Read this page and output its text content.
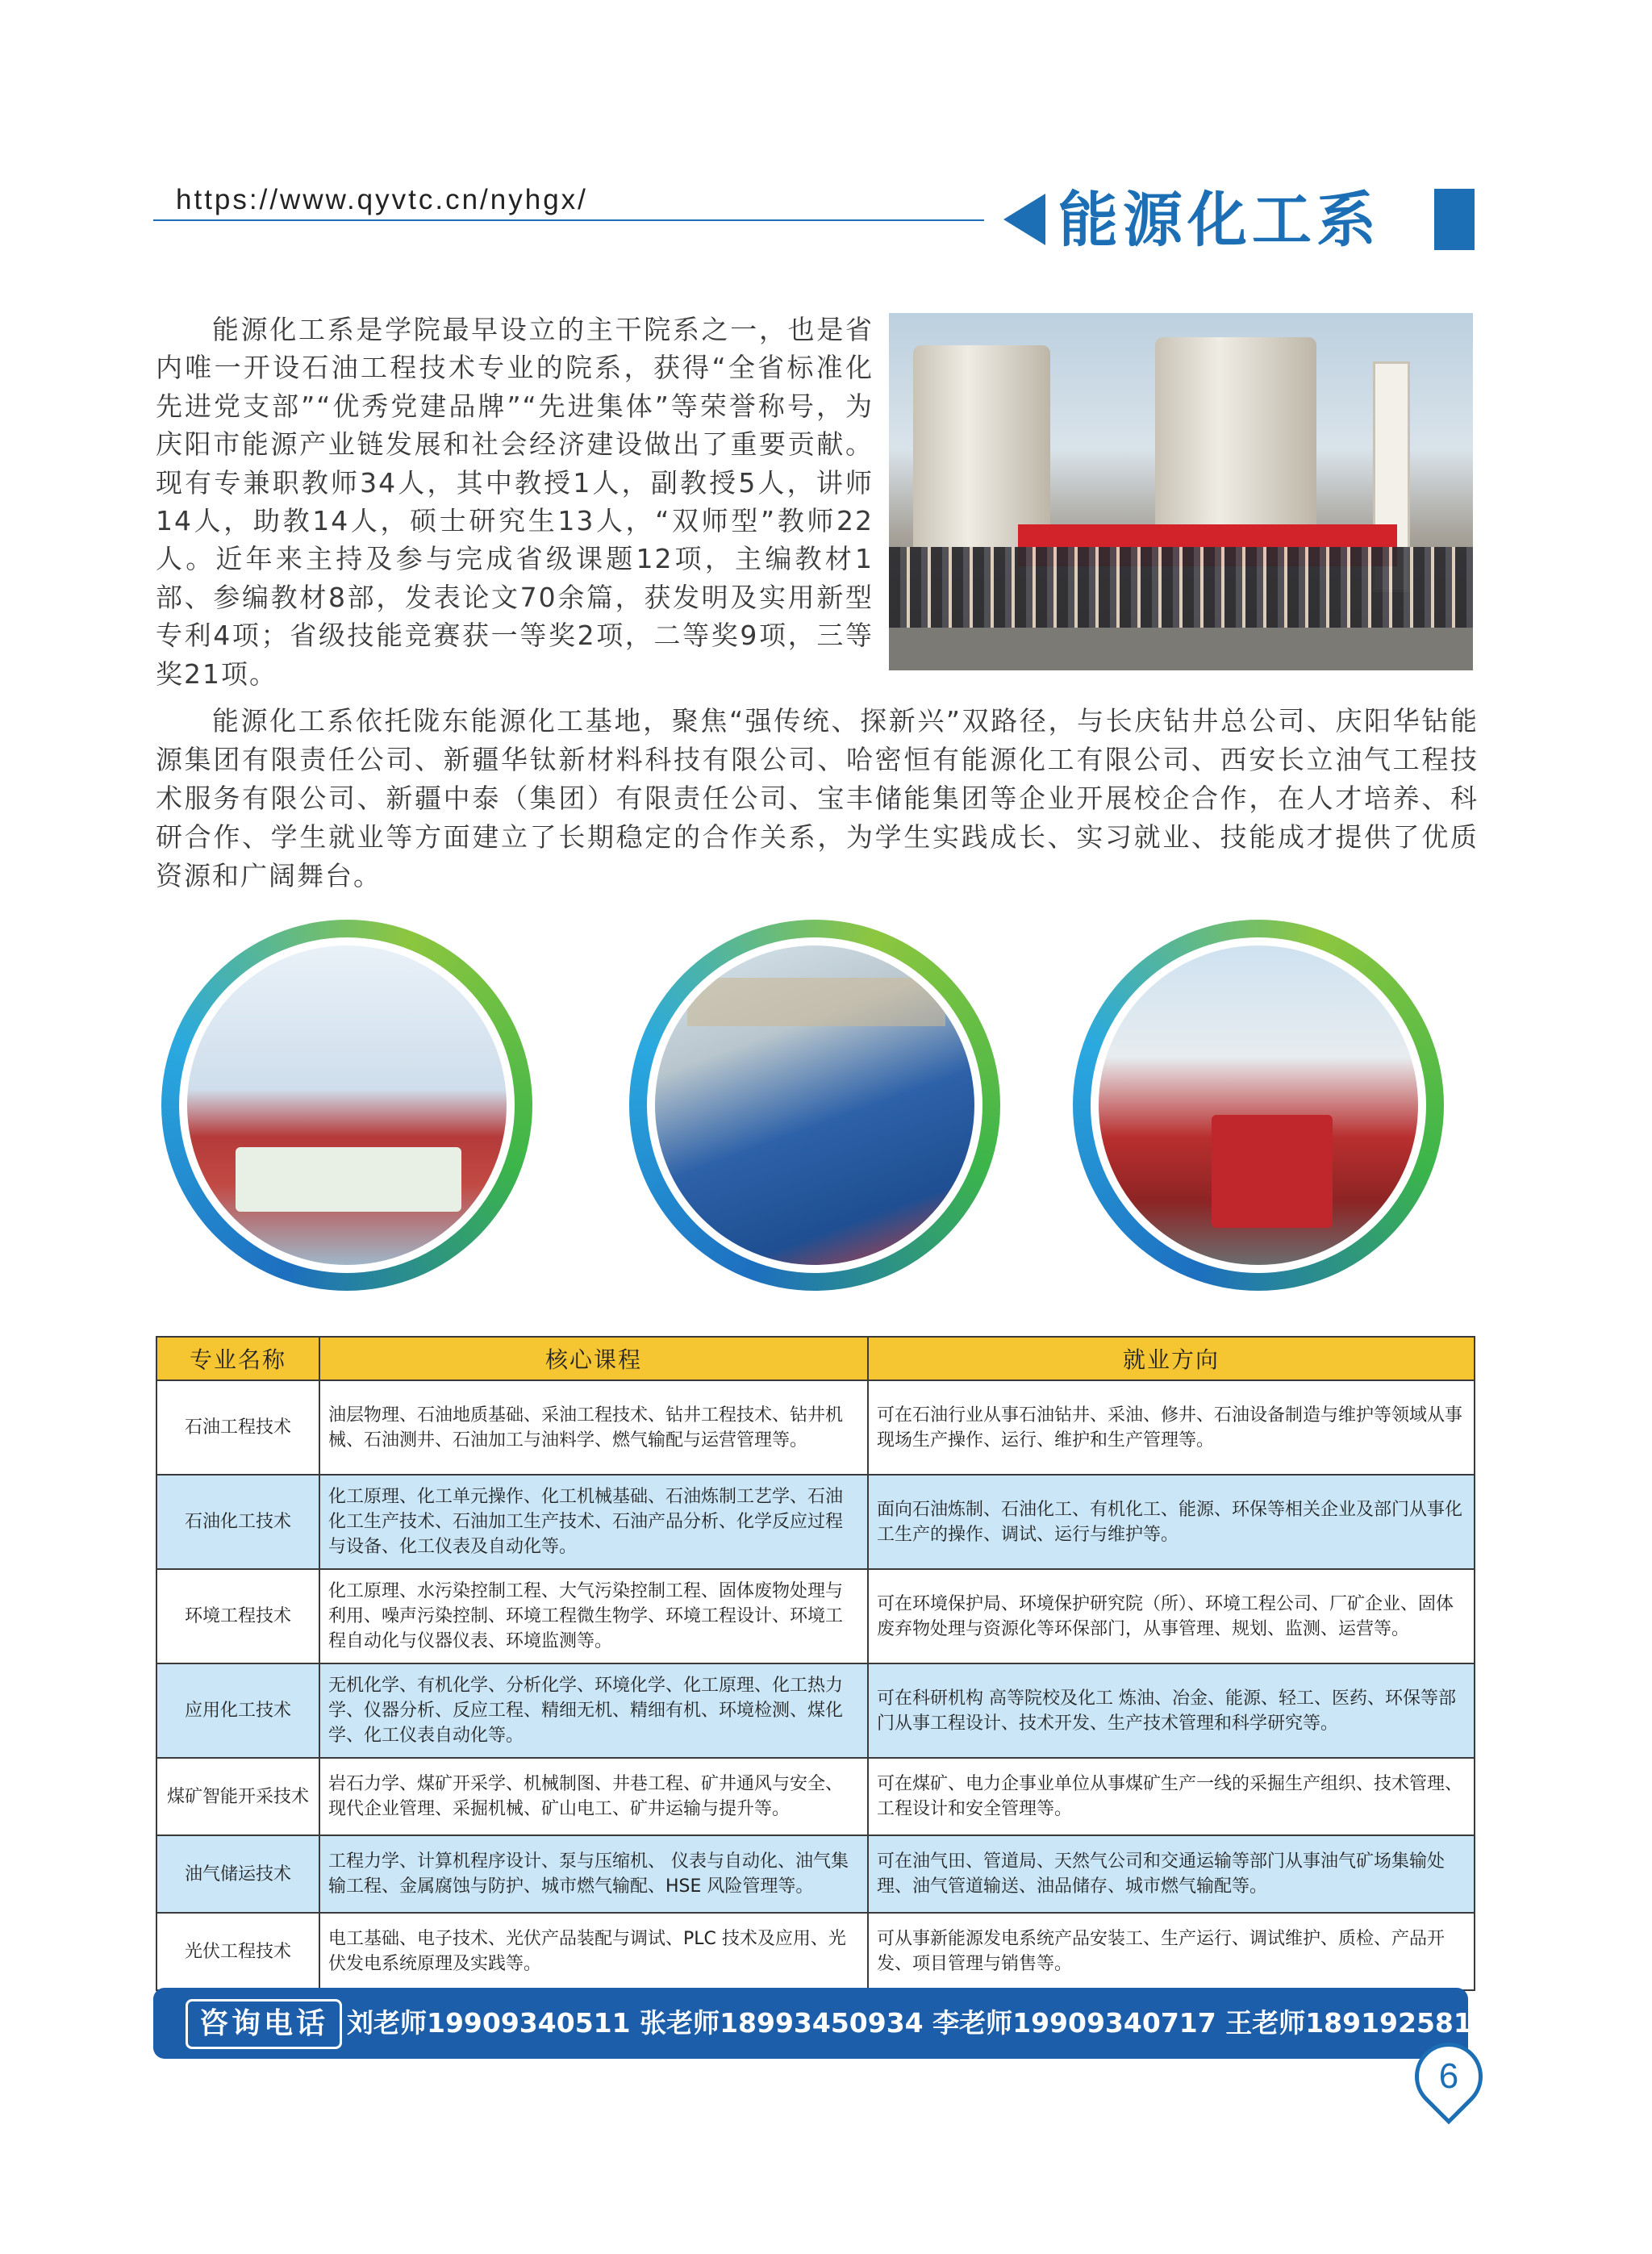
https://www.qyvtc.cn/nyhgx/	能源化工系

能源化工系是学院最早设立的主干院系之一，也是省内唯一开设石油工程技术专业的院系，获得“全省标准化先进党支部”“优秀党建品牌”“先进集体”等荣誉称号，为庆阳市能源产业链发展和社会经济建设做出了重要贡献。现有专兼职教师34人，其中教授1人，副教授5人，讲师14人，助教14人，硕士研究生13人，“双师型”教师22人。近年来主持及参与完成省级课题12项，主编教材1部、参编教材8部，发表论文70余篇，获发明及实用新型专利4项；省级技能竞赛获一等奖2项，二等奖9项，三等奖21项。

能源化工系依托陇东能源化工基地，聚焦“强传统、探新兴”双路径，与长庆钻井总公司、庆阳华钻能源集团有限责任公司、新疆华钛新材料科技有限公司、哈密恒有能源化工有限公司、西安长立油气工程技术服务有限公司、新疆中泰（集团）有限责任公司、宝丰储能集团等企业开展校企合作，在人才培养、科研合作、学生就业等方面建立了长期稳定的合作关系，为学生实践成长、实习就业、技能成才提供了优质资源和广阔舞台。

专业名称	核心课程	就业方向
石油工程技术	油层物理、石油地质基础、采油工程技术、钻井工程技术、钻井机械、石油测井、石油加工与油料学、燃气输配与运营管理等。	可在石油行业从事石油钻井、采油、修井、石油设备制造与维护等领域从事现场生产操作、运行、维护和生产管理等。
石油化工技术	化工原理、化工单元操作、化工机械基础、石油炼制工艺学、石油化工生产技术、石油加工生产技术、石油产品分析、化学反应过程与设备、化工仪表及自动化等。	面向石油炼制、石油化工、有机化工、能源、环保等相关企业及部门从事化工生产的操作、调试、运行与维护等。
环境工程技术	化工原理、水污染控制工程、大气污染控制工程、固体废物处理与利用、噪声污染控制、环境工程微生物学、环境工程设计、环境工程自动化与仪器仪表、环境监测等。	可在环境保护局、环境保护研究院（所）、环境工程公司、厂矿企业、固体废弃物处理与资源化等环保部门，从事管理、规划、监测、运营等。
应用化工技术	无机化学、有机化学、分析化学、环境化学、化工原理、化工热力学、仪器分析、反应工程、精细无机、精细有机、环境检测、煤化学、化工仪表自动化等。	可在科研机构 高等院校及化工 炼油、冶金、能源、轻工、医药、环保等部门从事工程设计、技术开发、生产技术管理和科学研究等。
煤矿智能开采技术	岩石力学、煤矿开采学、机械制图、井巷工程、矿井通风与安全、现代企业管理、采掘机械、矿山电工、矿井运输与提升等。	可在煤矿、电力企事业单位从事煤矿生产一线的采掘生产组织、技术管理、工程设计和安全管理等。
油气储运技术	工程力学、计算机程序设计、泵与压缩机、 仪表与自动化、油气集输工程、金属腐蚀与防护、城市燃气输配、HSE 风险管理等。	可在油气田、管道局、天然气公司和交通运输等部门从事油气矿场集输处理、油气管道输送、油品储存、城市燃气输配等。
光伏工程技术	电工基础、电子技术、光伏产品装配与调试、PLC 技术及应用、光伏发电系统原理及实践等。	可从事新能源发电系统产品安装工、生产运行、调试维护、质检、产品开发、项目管理与销售等。
咨询电话 刘老师19909340511 张老师18993450934 李老师19909340717 王老师18919258188
6
